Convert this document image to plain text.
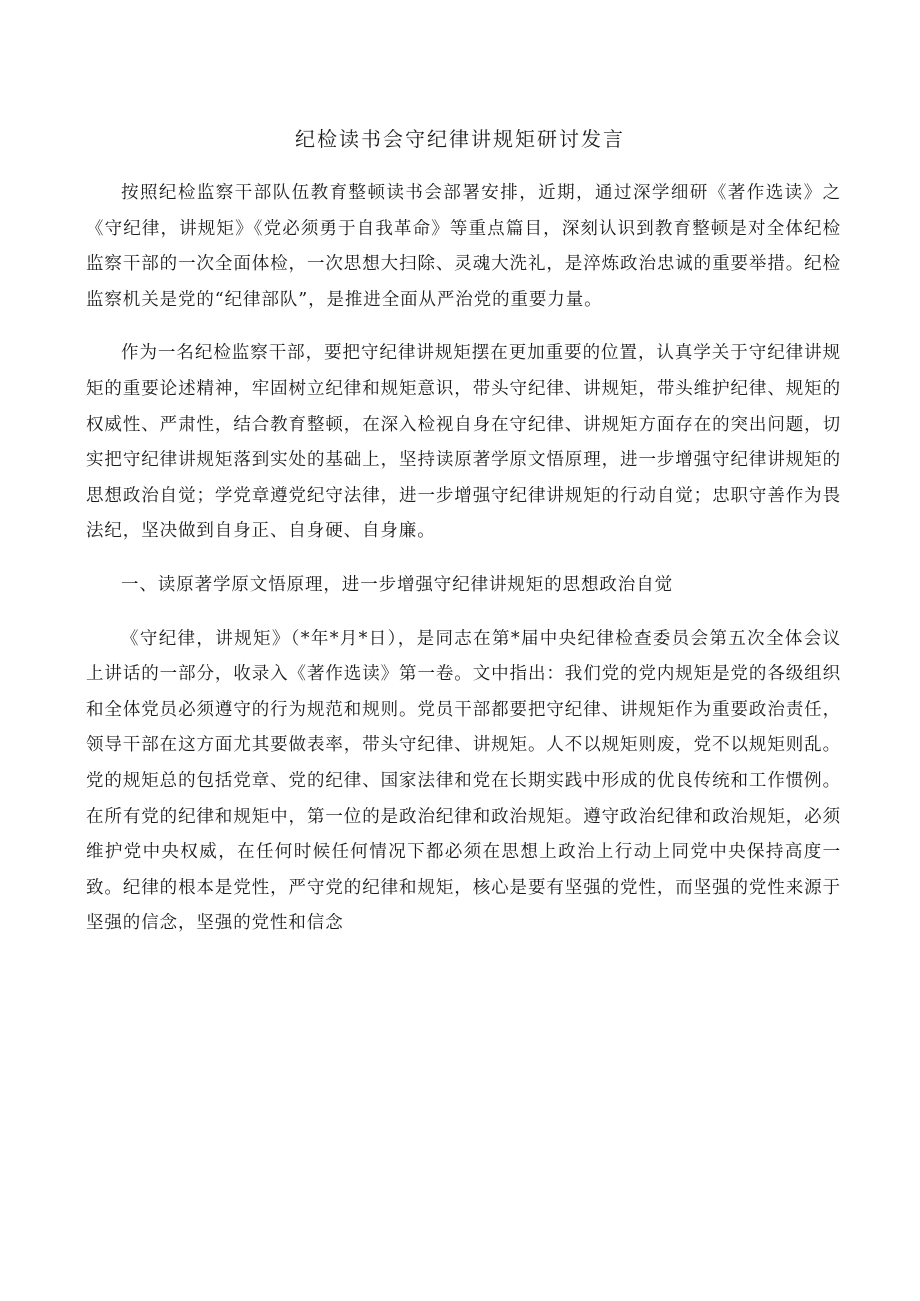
纪检读书会守纪律讲规矩研讨发言

按照纪检监察干部队伍教育整顿读书会部署安排，近期，通过深学细研《著作选读》之《守纪律，讲规矩》《党必须勇于自我革命》等重点篇目，深刻认识到教育整顿是对全体纪检监察干部的一次全面体检，一次思想大扫除、灵魂大洗礼，是淬炼政治忠诚的重要举措。纪检监察机关是党的“纪律部队”，是推进全面从严治党的重要力量。

作为一名纪检监察干部，要把守纪律讲规矩摆在更加重要的位置，认真学关于守纪律讲规矩的重要论述精神，牢固树立纪律和规矩意识，带头守纪律、讲规矩，带头维护纪律、规矩的权威性、严肃性，结合教育整顿，在深入检视自身在守纪律、讲规矩方面存在的突出问题，切实把守纪律讲规矩落到实处的基础上，坚持读原著学原文悟原理，进一步增强守纪律讲规矩的思想政治自觉；学党章遵党纪守法律，进一步增强守纪律讲规矩的行动自觉；忠职守善作为畏法纪，坚决做到自身正、自身硬、自身廉。

一、读原著学原文悟原理，进一步增强守纪律讲规矩的思想政治自觉

《守纪律，讲规矩》（*年*月*日），是同志在第*届中央纪律检查委员会第五次全体会议上讲话的一部分，收录入《著作选读》第一卷。文中指出：我们党的党内规矩是党的各级组织和全体党员必须遵守的行为规范和规则。党员干部都要把守纪律、讲规矩作为重要政治责任，领导干部在这方面尤其要做表率，带头守纪律、讲规矩。人不以规矩则废，党不以规矩则乱。党的规矩总的包括党章、党的纪律、国家法律和党在长期实践中形成的优良传统和工作惯例。在所有党的纪律和规矩中，第一位的是政治纪律和政治规矩。遵守政治纪律和政治规矩，必须维护党中央权威，在任何时候任何情况下都必须在思想上政治上行动上同党中央保持高度一致。纪律的根本是党性，严守党的纪律和规矩，核心是要有坚强的党性，而坚强的党性来源于坚强的信念，坚强的党性和信念
